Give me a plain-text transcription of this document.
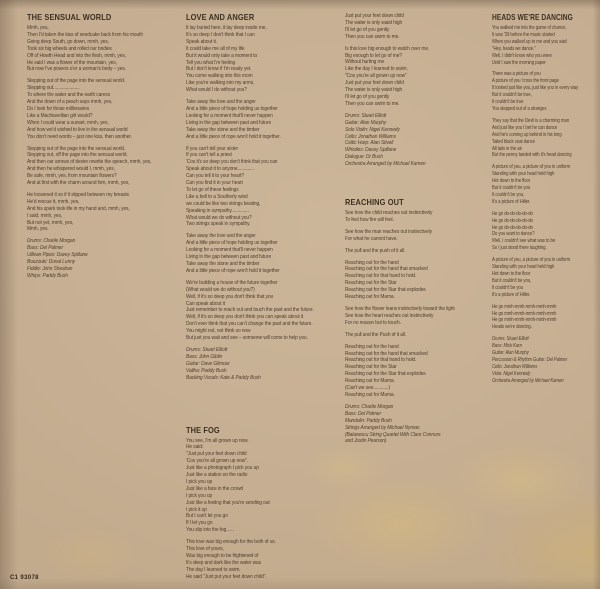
THE SENSUAL WORLD
Mmh, yes,
Then I'd taken the kiss of seedcake back from his mouth
Going deep South, go down, mmh, yes,
Took six big wheels and rolled our bodies
Off of Howth Head and into the flesh, mmh, yes,
He said I was a flower of the mountain, yes,
But now I've powers o'er a woman's body – yes.
Stepping out of the page into the sensual world.
Stepping out.....................
To where the water and the earth caress
And the down of a peach says mmh, yes,
Do I look for those millionaires
Like a Machiavellian girl would?
When I could wear a sunset, mmh, yes,
And how we'd wished to live in the sensual world
You don't need words – just one kiss, then another.
Stepping out of the page into the sensual world.
Stepping out, off the page into the sensual world.
And then our arrows of desire rewrite the speech, mmh, yes,
And then he whispered would I, mmh, yes,
Be safe, mmh, yes, from mountain flowers?
And at first with the charm around him, mmh, yes,
He loosened it so if it slipped between my breasts
He'd rescue it, mmh, yes,
And his spark took life in my hand and, mmh, yes,
I said, mmh, yes,
But not yet, mmh, yes,
Mmh, yes.
Drums: Charlie Morgan
Bass: Del Palmer
Uillean Pipes: Davey Spillane
Bouzouki: Donal Lunny
Fiddle: John Sheahan
Whips: Paddy Bush
LOVE AND ANGER
It lay buried here, it lay deep inside me,
It's so deep I don't think that I can
Speak about it.
It could take me all of my life
But it would only take a moment to
Tell you what I'm feeling
But I don't know if I'm ready yet.
You come walking into this room
Like you're walking into my arms,
What would I do without you?
Take away the love and the anger
And a little piece of hope holding us together
Looking for a moment that'll never happen
Living in the gap between past and future
Take away the stone and the timber
And a little piece of rope won't hold it together.
If you can't tell your sister
If you can't tell a priest
'Cos it's so deep you don't think that you can
Speak about it to anyone.............
Can you tell it to your heart?
Can you find it in your heart
To let go of these feelings
Like a bell to a Southerly wind
we could be like two strings beating,
Speaking in sympathy..............
What would we do without you?
Two strings speak in sympathy.
Take away the love and the anger
And a little piece of hope holding us together
Looking for a moment that'll never happen
Living in the gap between past and future
Take away the stone and the timber
And a little piece of rope won't hold it together
We're building a house of the future together
(What would we do without you?)
Well, if it's so deep you don't think that you
Can speak about it
Just remember to reach out and touch the past and the future.
Well, if it's so deep you don't think you can speak about it
Don't ever think that you can't change the past and the future.
You might not, not think so now
But just you wait and see – someone will come to help you.
Drums: Stuart Elliott
Bass: John Giblin
Guitar: Dave Gilmour
Valiha: Paddy Bush
Backing Vocals: Kate & Paddy Bush
THE FOG
You see, I'm all grown up now.
He said:
"Just put your feet down child
'Cos you're all grown up now".
Just like a photograph I pick you up
Just like a station on the radio
I pick you up
Just like a face in the crowd
I pick you up
Just like a feeling that you're sending out
I pick it up
But I can't let you go
If I let you go
You slip into the fog......
This love was big enough for the both of us.
This love of yours,
Was big enough to be frightened of
It's deep and dark like the water was
The day I learned to swim.
He said "Just put your feet down child".
Just put your feet down child
The water is only waist high
I'll let go of you gently
Then you can swim to me.
Is this love big enough to watch over me,
Big enough to let go of me?
Without hurting me
Like the day I learned to swim.
"Cos you're all grown up now"
Just put your feet down child
The water is only waist high
I'll let go of you gently
Then you can swim to me.
Drums: Stuart Elliott
Guitar: Alan Murphy
Solo Violin: Nigel Kennedy
Cello: Jonathan Williams
Celtic Harp: Alan Stivell
Whistles: Davey Spillane
Dialogue: Dr Bush
Orchestra Arranged by Michael Kamen
REACHING OUT
See how the child reaches out instinctively
To feel how fire will feel.
See how the man reaches out instinctively
For what he cannot have.
The pull and the push of it all.
Reaching out for the hand
Reaching out for the hand that smacked
Reaching out for that hand to hold.
Reaching out for the Star
Reaching out for the Star that explodes
Reaching out for Mama.
See how the flower leans instinctively toward the light
See how the heart reaches out instinctively
For no reason but to touch.
The pull and the Push of it all.
Reaching out for the hand
Reaching out for the hand that smacked
Reaching out for that hand to hold.
Reaching out for the Star
Reaching out for the Star that explodes
Reaching out for Mama.
(Can't we see............)
Reaching out for Mama.
Drums: Charlie Morgan
Bass: Del Palmer
Mandolin: Paddy Bush
Strings Arranged by Michael Nyman
(Balanescu String Quartet With Clare Connors
and Justin Pearson)
HEADS WE'RE DANCING
You walked me into the game of chance,
It was '39 before the music started
When you walked up to me and you said
"Hey, heads we dance."
Well, I didn't know who you were
Until I saw the morning paper
There was a picture of you
A picture of you 'cross the front page
It looked just like you, just like you in every way
But it couldn't be true,
It couldn't be true
You stepped out of a stranger.
They say that the Devil is a charming man
And just like you I bet he can dance
And he's coming up behind in his long
Tailed black coat dance
All tails in the air
But the penny landed with it's head dancing
A picture of you, a picture of you in uniform
Standing with your head held high
Hot down to the floor
But it couldn't be you
It couldn't be you,
It's a picture of Hitler.
He go do-do-do-do-do
He go do-do-do-do-do
He go do-do-do-do-do
Do you want to dance?
Well, I couldn't see what was to be
So I just stood there laughing.
A picture of you, a picture of you in uniform
Standing with your head held high
Hot down to the floor
But it couldn't be you,
It couldn't be you
It's a picture of Hitler.
He go mmh-mmh-mmh-mmh-mmh
He go mmh-mmh-mmh-mmh-mmh
He go mmh-mmh-mmh-mmh-mmh
Heads we're dancing.
Drums: Stuart Elliott
Bass: Mick Karn
Guitar: Alan Murphy
Percussion & Rhythm Guitar: Del Palmer
Cello: Jonathan Williams
Viola: Nigel Kennedy
Orchestra Arranged by Michael Kamen
C1 93078
